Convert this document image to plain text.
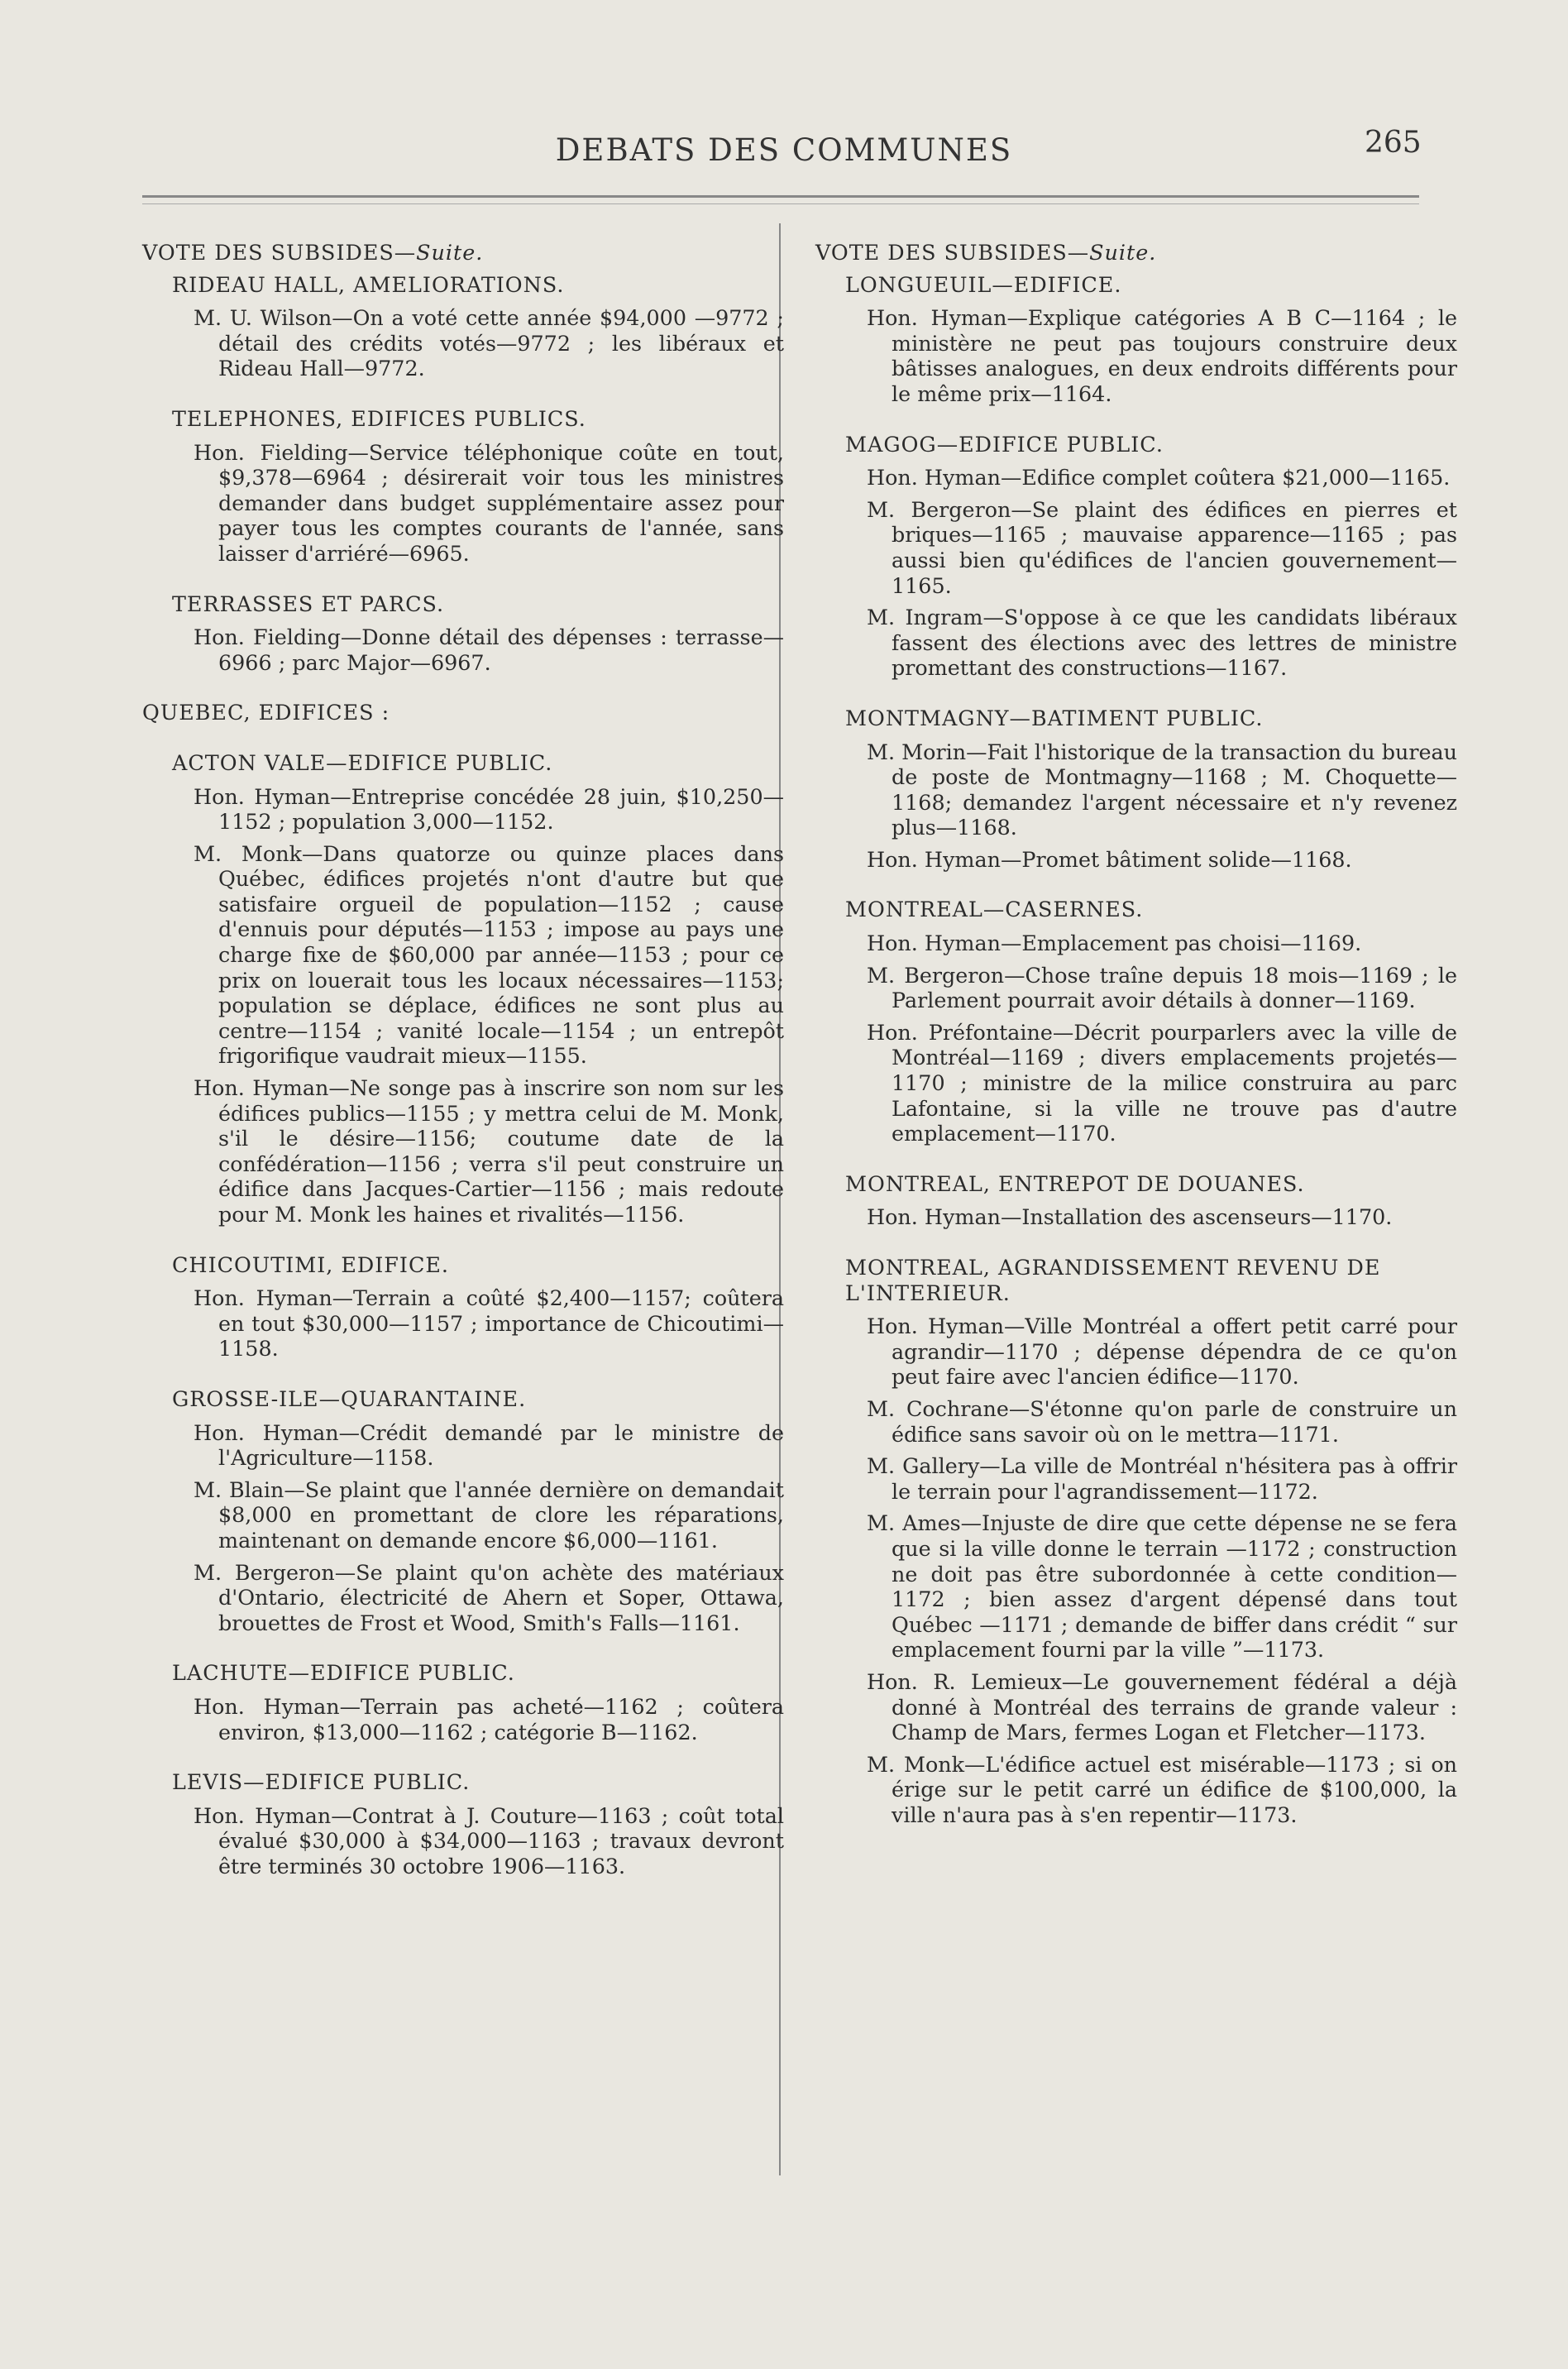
DEBATS DES COMMUNES	265
VOTE DES SUBSIDES—Suite.
RIDEAU HALL, AMELIORATIONS.

M. U. Wilson—On a voté cette année $94,000 —9772 ; détail des crédits votés—9772 ; les libéraux et Rideau Hall—9772.

TELEPHONES, EDIFICES PUBLICS.

Hon. Fielding—Service téléphonique coûte en tout, $9,378—6964 ; désirerait voir tous les ministres demander dans budget supplémentaire assez pour payer tous les comptes courants de l'année, sans laisser d'arriéré—6965.

TERRASSES ET PARCS.

Hon. Fielding—Donne détail des dépenses : terrasse—6966 ; parc Major—6967.

QUEBEC, EDIFICES :
ACTON VALE—EDIFICE PUBLIC.

Hon. Hyman—Entreprise concédée 28 juin, $10,250—1152 ; population 3,000—1152.

M. Monk—Dans quatorze ou quinze places dans Québec, édifices projetés n'ont d'autre but que satisfaire orgueil de population—1152 ; cause d'ennuis pour députés—1153 ; impose au pays une charge fixe de $60,000 par année—1153 ; pour ce prix on louerait tous les locaux nécessaires—1153; population se déplace, édifices ne sont plus au centre—1154 ; vanité locale—1154 ; un entrepôt frigorifique vaudrait mieux—1155.

Hon. Hyman—Ne songe pas à inscrire son nom sur les édifices publics—1155 ; y mettra celui de M. Monk, s'il le désire—1156; coutume date de la confédération—1156 ; verra s'il peut construire un édifice dans Jacques-Cartier—1156 ; mais redoute pour M. Monk les haines et rivalités—1156.

CHICOUTIMI, EDIFICE.

Hon. Hyman—Terrain a coûté $2,400—1157; coûtera en tout $30,000—1157 ; importance de Chicoutimi—1158.

GROSSE-ILE—QUARANTAINE.

Hon. Hyman—Crédit demandé par le ministre de l'Agriculture—1158.

M. Blain—Se plaint que l'année dernière on demandait $8,000 en promettant de clore les réparations, maintenant on demande encore $6,000—1161.

M. Bergeron—Se plaint qu'on achète des matériaux d'Ontario, électricité de Ahern et Soper, Ottawa, brouettes de Frost et Wood, Smith's Falls—1161.

LACHUTE—EDIFICE PUBLIC.

Hon. Hyman—Terrain pas acheté—1162 ; coûtera environ, $13,000—1162 ; catégorie B—1162.

LEVIS—EDIFICE PUBLIC.

Hon. Hyman—Contrat à J. Couture—1163 ; coût total évalué $30,000 à $34,000—1163 ; travaux devront être terminés 30 octobre 1906—1163.

VOTE DES SUBSIDES—Suite.
LONGUEUIL—EDIFICE.

Hon. Hyman—Explique catégories A B C—1164 ; le ministère ne peut pas toujours construire deux bâtisses analogues, en deux endroits différents pour le même prix—1164.

MAGOG—EDIFICE PUBLIC.

Hon. Hyman—Edifice complet coûtera $21,000—1165.

M. Bergeron—Se plaint des édifices en pierres et briques—1165 ; mauvaise apparence—1165 ; pas aussi bien qu'édifices de l'ancien gouvernement—1165.

M. Ingram—S'oppose à ce que les candidats libéraux fassent des élections avec des lettres de ministre promettant des constructions—1167.

MONTMAGNY—BATIMENT PUBLIC.

M. Morin—Fait l'historique de la transaction du bureau de poste de Montmagny—1168 ; M. Choquette—1168; demandez l'argent nécessaire et n'y revenez plus—1168.

Hon. Hyman—Promet bâtiment solide—1168.

MONTREAL—CASERNES.

Hon. Hyman—Emplacement pas choisi—1169.

M. Bergeron—Chose traîne depuis 18 mois—1169 ; le Parlement pourrait avoir détails à donner—1169.

Hon. Préfontaine—Décrit pourparlers avec la ville de Montréal—1169 ; divers emplacements projetés—1170 ; ministre de la milice construira au parc Lafontaine, si la ville ne trouve pas d'autre emplacement—1170.

MONTREAL, ENTREPOT DE DOUANES.

Hon. Hyman—Installation des ascenseurs—1170.

MONTREAL, AGRANDISSEMENT REVENU DE L'INTERIEUR.

Hon. Hyman—Ville Montréal a offert petit carré pour agrandir—1170 ; dépense dépendra de ce qu'on peut faire avec l'ancien édifice—1170.

M. Cochrane—S'étonne qu'on parle de construire un édifice sans savoir où on le mettra—1171.

M. Gallery—La ville de Montréal n'hésitera pas à offrir le terrain pour l'agrandissement—1172.

M. Ames—Injuste de dire que cette dépense ne se fera que si la ville donne le terrain —1172 ; construction ne doit pas être subordonnée à cette condition—1172 ; bien assez d'argent dépensé dans tout Québec —1171 ; demande de biffer dans crédit “ sur emplacement fourni par la ville ”—1173.

Hon. R. Lemieux—Le gouvernement fédéral a déjà donné à Montréal des terrains de grande valeur : Champ de Mars, fermes Logan et Fletcher—1173.

M. Monk—L'édifice actuel est misérable—1173 ; si on érige sur le petit carré un édifice de $100,000, la ville n'aura pas à s'en repentir—1173.
